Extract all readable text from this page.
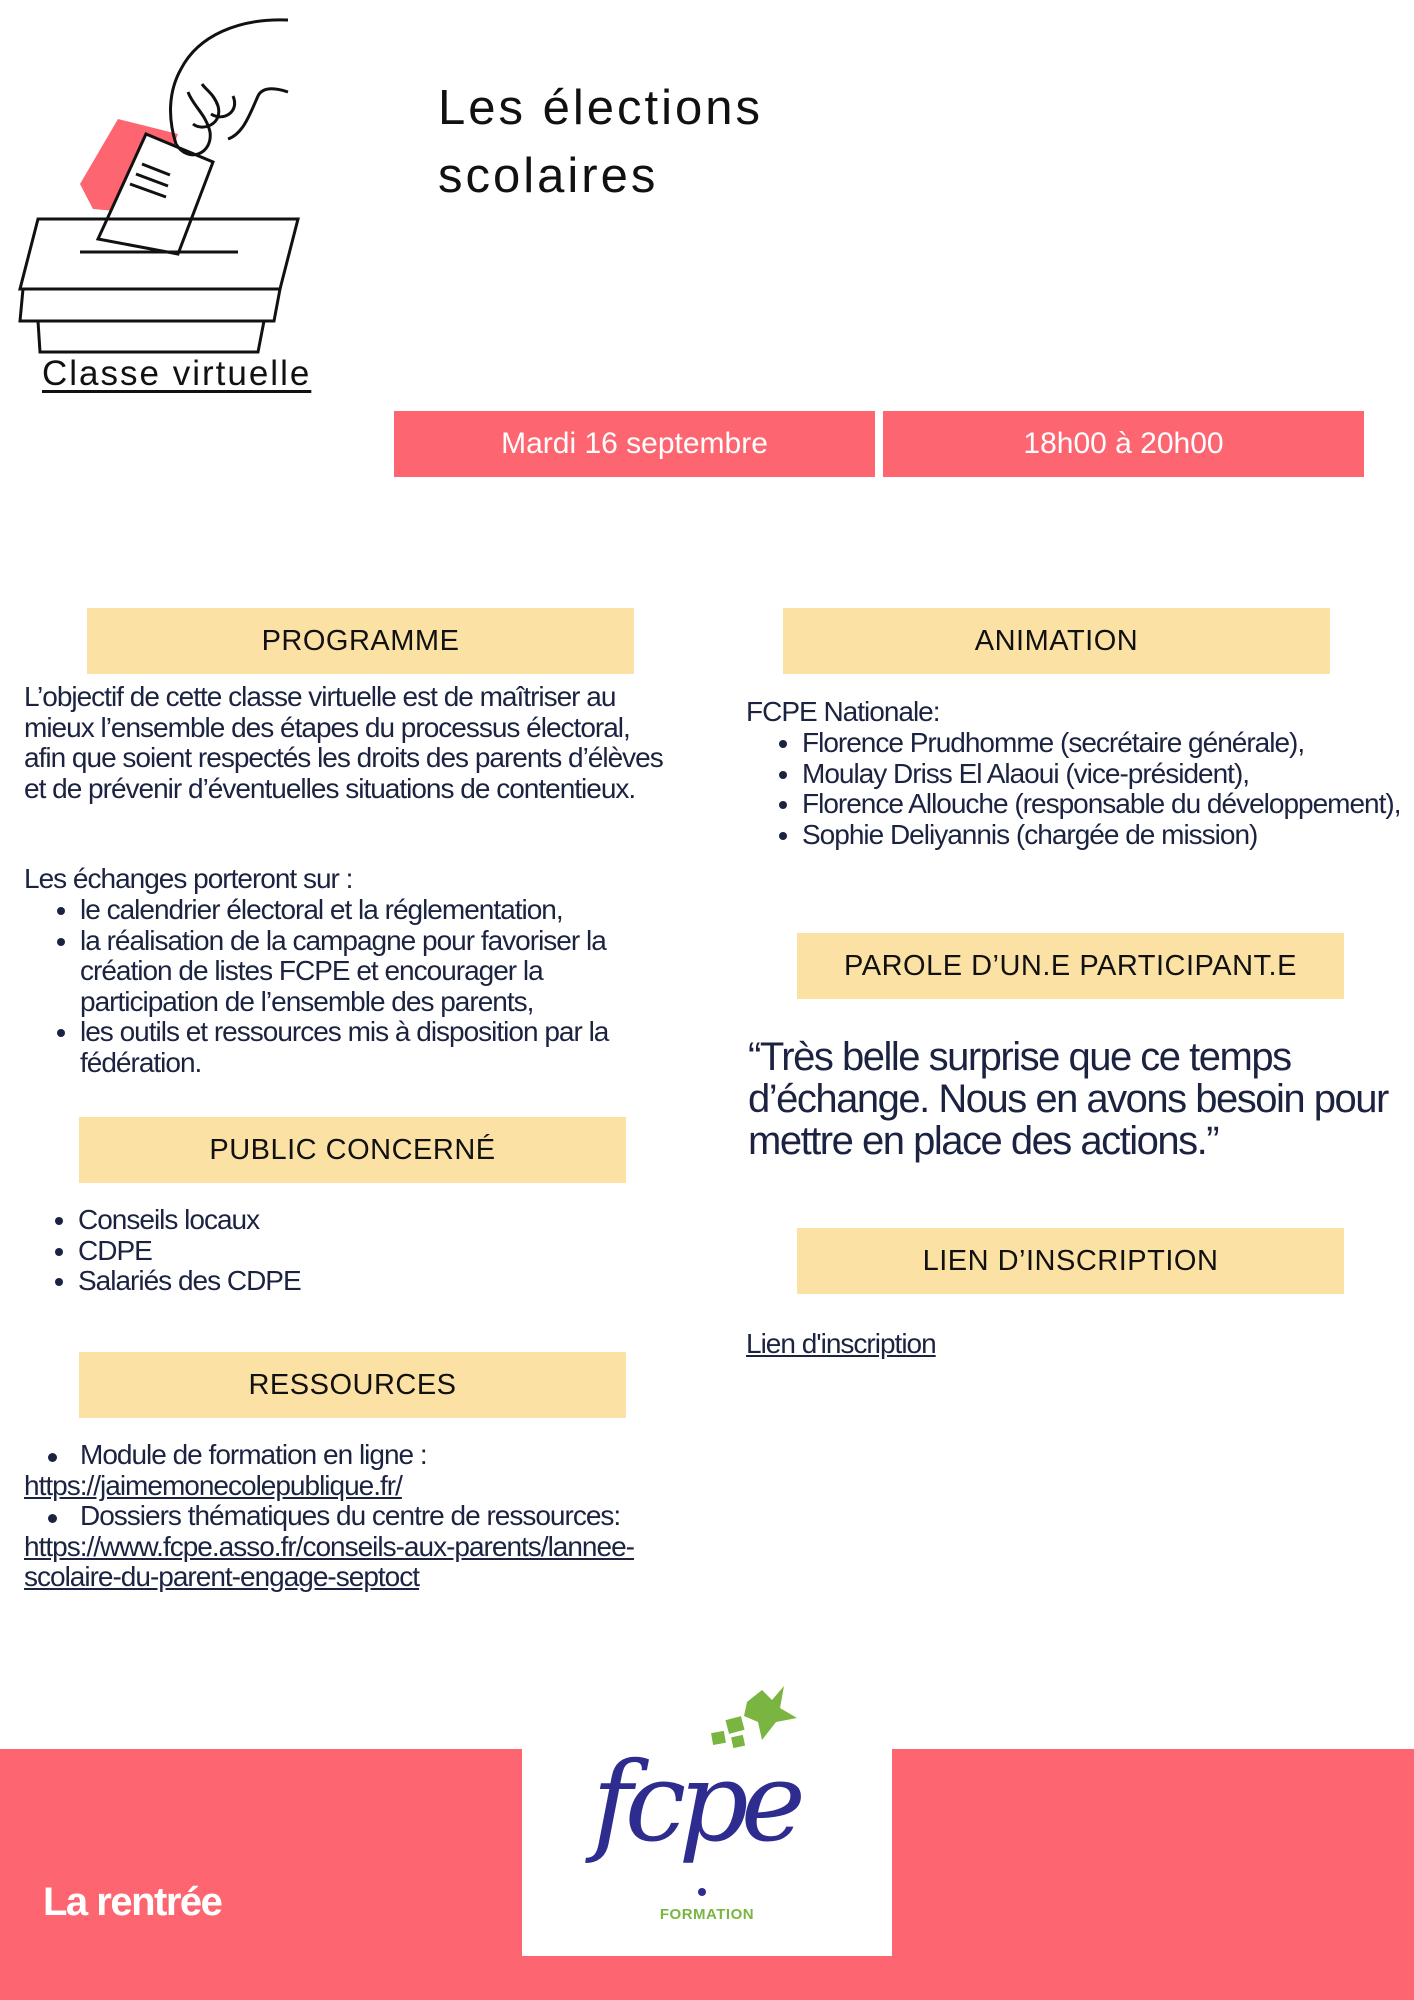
Les élections
scolaires
Classe virtuelle
Mardi 16 septembre	18h00 à 20h00
PROGRAMME

L’objectif de cette classe virtuelle est de maîtriser au mieux l’ensemble des étapes du processus électoral, afin que soient respectés les droits des parents d’élèves et de prévenir d’éventuelles situations de contentieux.

Les échanges porteront sur :

• le calendrier électoral et la réglementation,
• la réalisation de la campagne pour favoriser la création de listes FCPE et encourager la participation de l’ensemble des parents,
• les outils et ressources mis à disposition par la fédération.
PUBLIC CONCERNÉ
• Conseils locaux
• CDPE
• Salariés des CDPE
RESSOURCES
Module de formation en ligne :
https://jaimemonecolepublique.fr/
Dossiers thématiques du centre de ressources:
https://www.fcpe.asso.fr/conseils-aux-parents/lannee-scolaire-du-parent-engage-septoct
ANIMATION

FCPE Nationale:

• Florence Prudhomme (secrétaire générale),
• Moulay Driss El Alaoui (vice-président),
• Florence Allouche (responsable du développement),
• Sophie Deliyannis (chargée de mission)
PAROLE D’UN.E PARTICIPANT.E

“Très belle surprise que ce temps d’échange. Nous en avons besoin pour mettre en place des actions.”

LIEN D’INSCRIPTION
Lien d'inscription
La rentrée
fcpe
FORMATION
